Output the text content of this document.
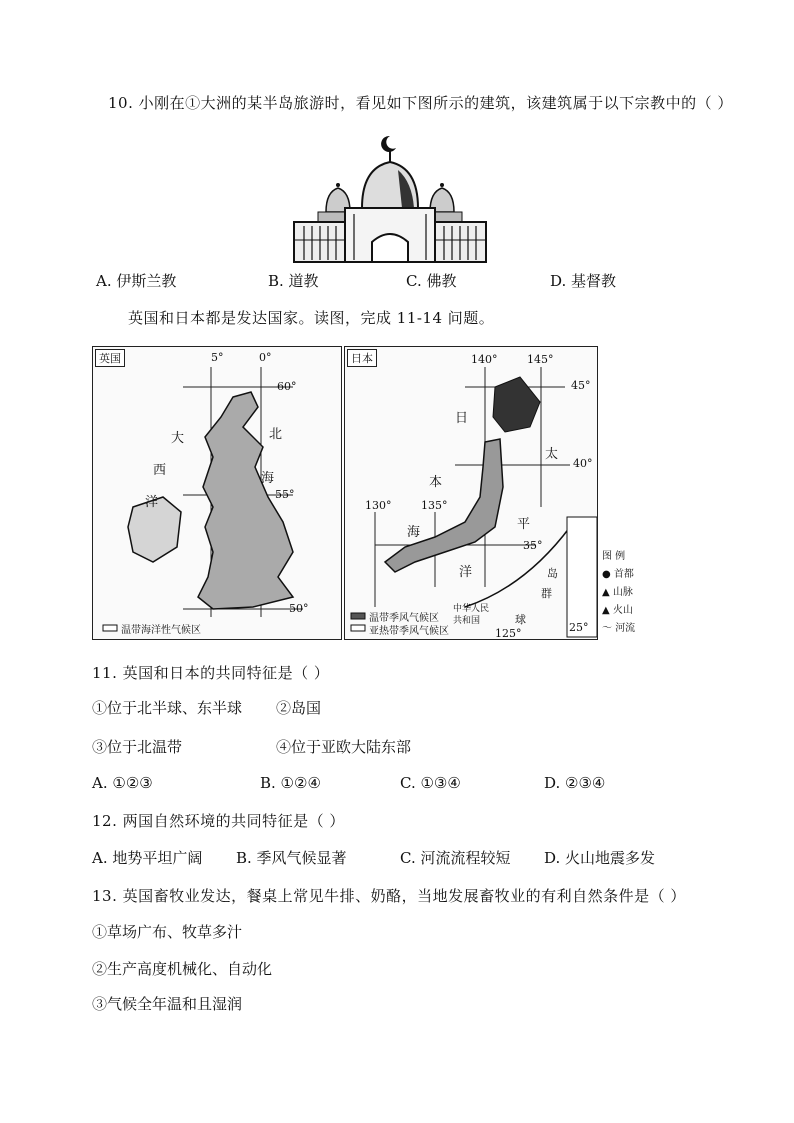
10. 小刚在①大洲的某半岛旅游时，看见如下图所示的建筑，该建筑属于以下宗教中的（ ）
A. 伊斯兰教	B. 道教	C. 佛教	D. 基督教
英国和日本都是发达国家。读图，完成 11-14 问题。
英国	5°	0°
60°
55°
50°
大
西
洋
北
海
温带海洋性气候区
日本	140°	145°
130°	135°
125°
45°
40°
35°
25°
日
本
海
太
平
洋	岛
群
球
温带季风气候区
亚热带季风气候区
中华人民
共和国
图 例
● 首都
▲ 山脉
▲ 火山
〜 河流
11. 英国和日本的共同特征是（ ）
①位于北半球、东半球 ②岛国
③位于北温带	④位于亚欧大陆东部
A. ①②③	B. ①②④	C. ①③④	D. ②③④
12. 两国自然环境的共同特征是（ ）
A. 地势平坦广阔 B. 季风气候显著	C. 河流流程较短 D. 火山地震多发
13. 英国畜牧业发达，餐桌上常见牛排、奶酪，当地发展畜牧业的有利自然条件是（ ）
①草场广布、牧草多汁
②生产高度机械化、自动化
③气候全年温和且湿润
